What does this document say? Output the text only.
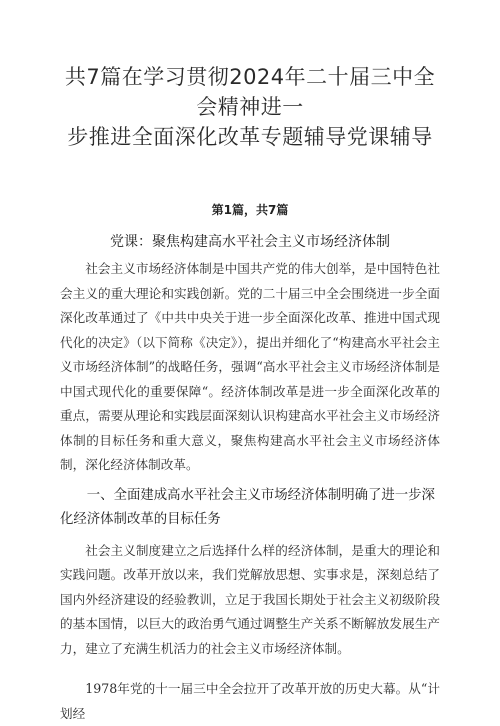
共7篇在学习贯彻2024年二十届三中全会精神进一
步推进全面深化改革专题辅导党课辅导
第1篇，共7篇
党课：聚焦构建高水平社会主义市场经济体制

社会主义市场经济体制是中国共产党的伟大创举，是中国特色社会主义的重大理论和实践创新。党的二十届三中全会围绕进一步全面深化改革通过了《中共中央关于进一步全面深化改革、推进中国式现代化的决定》（以下简称《决定》），提出并细化了“构建高水平社会主义市场经济体制”的战略任务，强调“高水平社会主义市场经济体制是中国式现代化的重要保障“。经济体制改革是进一步全面深化改革的重点，需要从理论和实践层面深刻认识构建高水平社会主义市场经济体制的目标任务和重大意义，聚焦构建高水平社会主义市场经济体制，深化经济体制改革。

一、全面建成高水平社会主义市场经济体制明确了进一步深化经济体制改革的目标任务

社会主义制度建立之后选择什么样的经济体制，是重大的理论和实践问题。改革开放以来，我们党解放思想、实事求是，深刻总结了国内外经济建设的经验教训，立足于我国长期处于社会主义初级阶段的基本国情，以巨大的政治勇气通过调整生产关系不断解放发展生产力，建立了充满生机活力的社会主义市场经济体制。

1978年党的十一届三中全会拉开了改革开放的历史大幕。从“计划经
